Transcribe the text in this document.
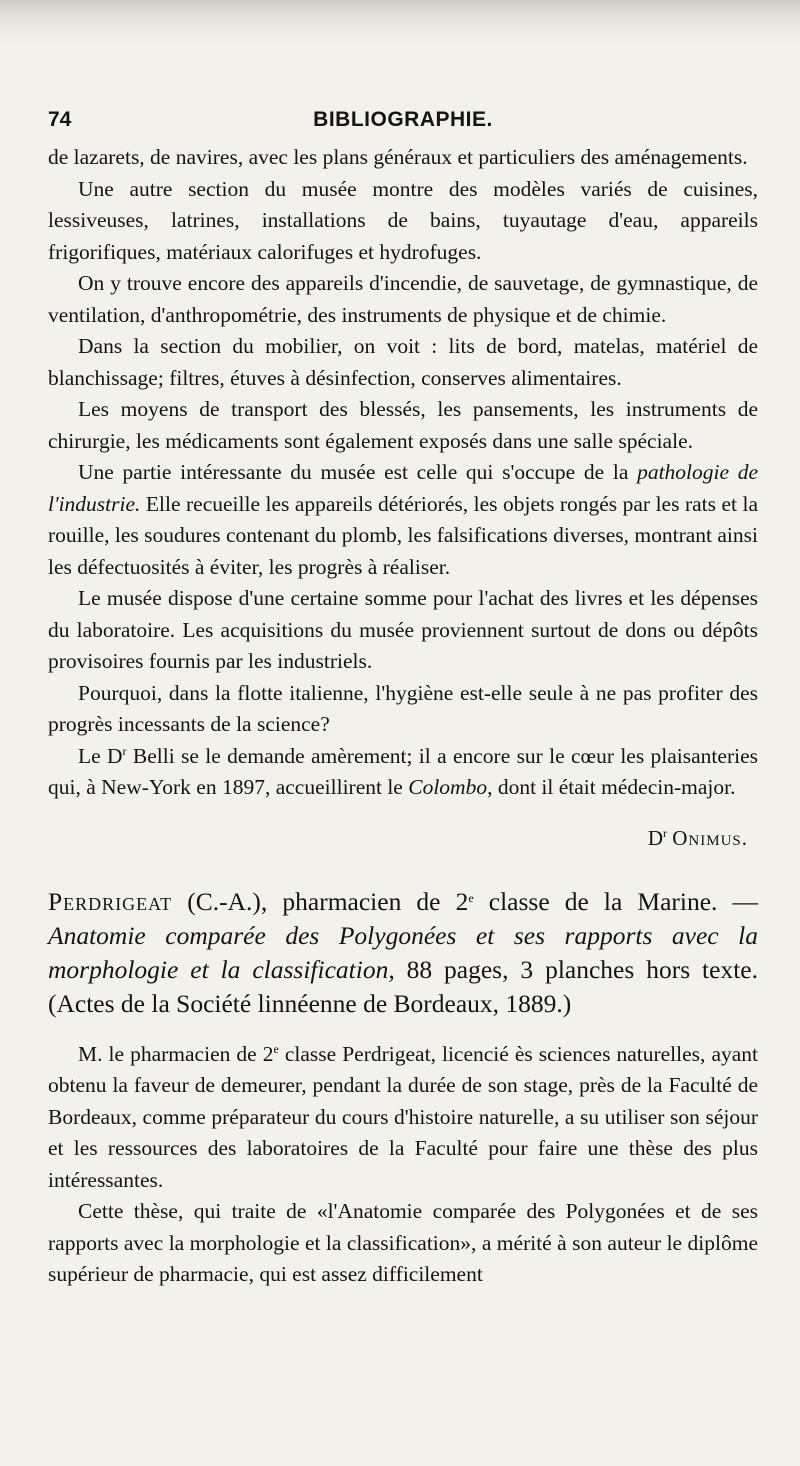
74	BIBLIOGRAPHIE.

de lazarets, de navires, avec les plans généraux et particuliers des aménagements.

Une autre section du musée montre des modèles variés de cuisines, lessiveuses, latrines, installations de bains, tuyautage d'eau, appareils frigorifiques, matériaux calorifuges et hydrofuges.

On y trouve encore des appareils d'incendie, de sauvetage, de gymnastique, de ventilation, d'anthropométrie, des instruments de physique et de chimie.

Dans la section du mobilier, on voit : lits de bord, matelas, matériel de blanchissage; filtres, étuves à désinfection, conserves alimentaires.

Les moyens de transport des blessés, les pansements, les instruments de chirurgie, les médicaments sont également exposés dans une salle spéciale.

Une partie intéressante du musée est celle qui s'occupe de la pathologie de l'industrie. Elle recueille les appareils détériorés, les objets rongés par les rats et la rouille, les soudures contenant du plomb, les falsifications diverses, montrant ainsi les défectuosités à éviter, les progrès à réaliser.

Le musée dispose d'une certaine somme pour l'achat des livres et les dépenses du laboratoire. Les acquisitions du musée proviennent surtout de dons ou dépôts provisoires fournis par les industriels.

Pourquoi, dans la flotte italienne, l'hygiène est-elle seule à ne pas profiter des progrès incessants de la science?

Le $D^r$ Belli se le demande amèrement; il a encore sur le cœur les plaisanteries qui, à New-York en 1897, accueillirent le Colombo, dont il était médecin-major.

$D^r$ Onimus.
Perdrigeat (C.-A.), pharmacien de 2e classe de la Marine. — Anatomie comparée des Polygonées et ses rapports avec la morphologie et la classification, 88 pages, 3 planches hors texte. (Actes de la Société linnéenne de Bordeaux, 1889.)

M. le pharmacien de 2e classe Perdrigeat, licencié ès sciences naturelles, ayant obtenu la faveur de demeurer, pendant la durée de son stage, près de la Faculté de Bordeaux, comme préparateur du cours d'histoire naturelle, a su utiliser son séjour et les ressources des laboratoires de la Faculté pour faire une thèse des plus intéressantes.

Cette thèse, qui traite de «l'Anatomie comparée des Polygonées et de ses rapports avec la morphologie et la classification», a mérité à son auteur le diplôme supérieur de pharmacie, qui est assez difficilement
